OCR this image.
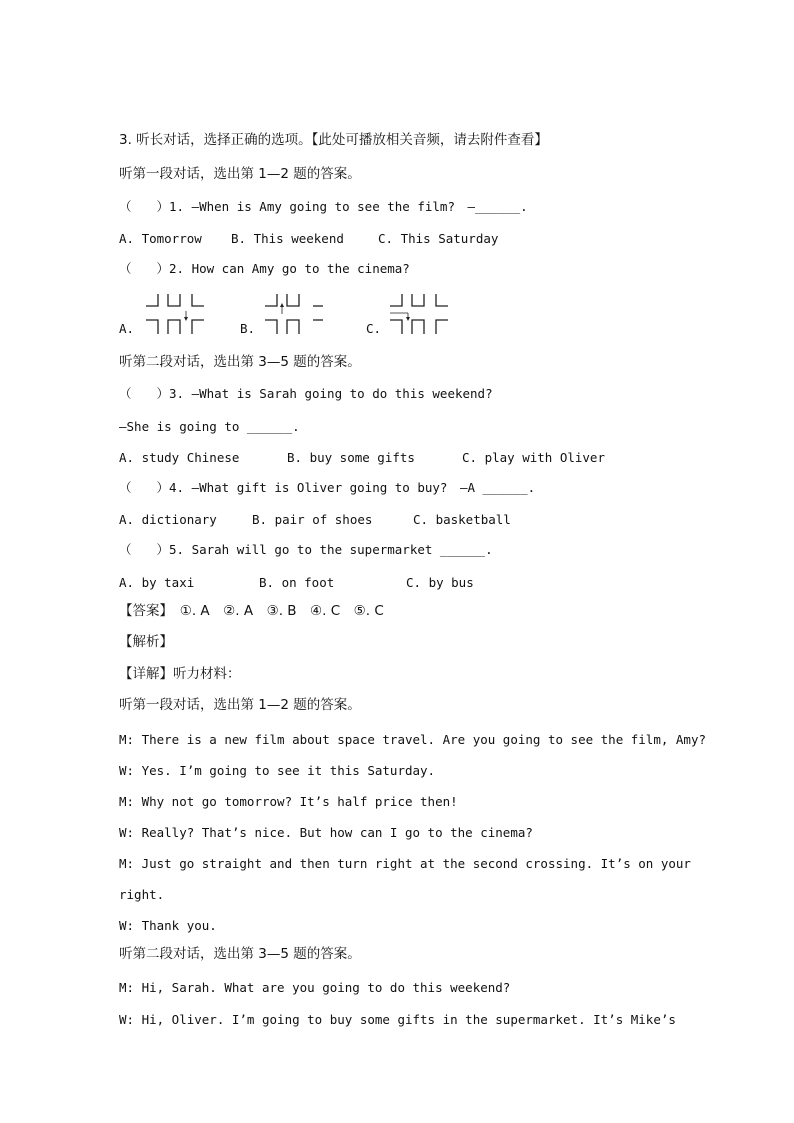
3. 听长对话，选择正确的选项。【此处可播放相关音频，请去附件查看】
听第一段对话，选出第 1—2 题的答案。
（　　）1. —When is Amy going to see the film?　—______.
A. Tomorrow B. This weekend	C. This Saturday
（　　）2. How can Amy go to the cinema?
A.	B.	C.
听第二段对话，选出第 3—5 题的答案。
（　　）3. —What is Sarah going to do this weekend?
—She is going to ______.
A. study Chinese	B. buy some gifts	C. play with Oliver
（　　）4. —What gift is Oliver going to buy?　—A ______.
A. dictionary	B. pair of shoes	C. basketball
（　　）5. Sarah will go to the supermarket ______.
A. by taxi	B. on foot	C. by bus
【答案】　①. A　②. A　③. B　④. C　⑤. C
【解析】
【详解】听力材料：
听第一段对话，选出第 1—2 题的答案。
M: There is a new film about space travel. Are you going to see the film, Amy?
W: Yes. I’m going to see it this Saturday.
M: Why not go tomorrow? It’s half price then!
W: Really? That’s nice. But how can I go to the cinema?
M: Just go straight and then turn right at the second crossing. It’s on your
right.
W: Thank you.
听第二段对话，选出第 3—5 题的答案。
M: Hi, Sarah. What are you going to do this weekend?
W: Hi, Oliver. I’m going to buy some gifts in the supermarket. It’s Mike’s
